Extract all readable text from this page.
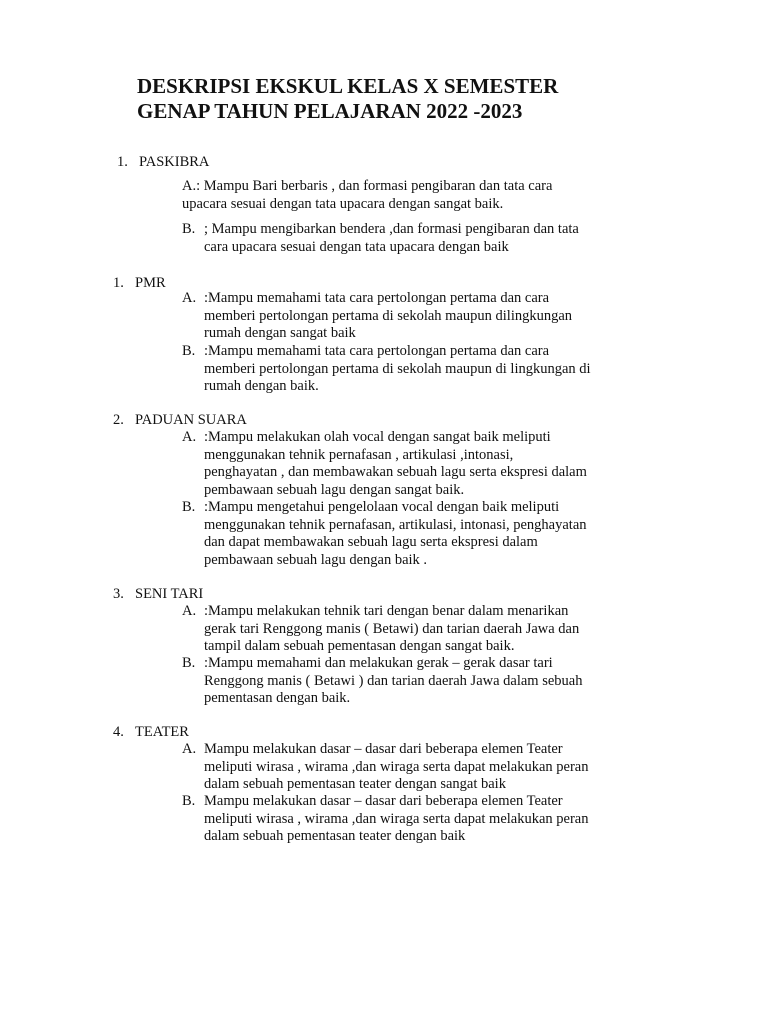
DESKRIPSI EKSKUL KELAS X SEMESTER
GENAP TAHUN PELAJARAN 2022 -2023
1. PASKIBRA
A.: Mampu Bari berbaris , dan formasi pengibaran dan tata cara
upacara sesuai dengan tata upacara dengan sangat baik.
B. ; Mampu mengibarkan bendera ,dan formasi pengibaran dan tata
cara upacara sesuai dengan tata upacara dengan baik
1. PMR
A. :Mampu memahami tata cara pertolongan pertama dan cara
memberi pertolongan pertama di sekolah maupun dilingkungan
rumah dengan sangat baik
B. :Mampu memahami tata cara pertolongan pertama dan cara
memberi pertolongan pertama di sekolah maupun di lingkungan di
rumah dengan baik.
2. PADUAN SUARA
A. :Mampu melakukan olah vocal dengan sangat baik meliputi
menggunakan tehnik pernafasan , artikulasi ,intonasi,
penghayatan , dan membawakan sebuah lagu serta ekspresi dalam
pembawaan sebuah lagu dengan sangat baik.
B. :Mampu mengetahui pengelolaan vocal dengan baik meliputi
menggunakan tehnik pernafasan, artikulasi, intonasi, penghayatan
dan dapat membawakan sebuah lagu serta ekspresi dalam
pembawaan sebuah lagu dengan baik .
3. SENI TARI
A. :Mampu melakukan tehnik tari dengan benar dalam menarikan
gerak tari Renggong manis ( Betawi) dan tarian daerah Jawa dan
tampil dalam sebuah pementasan dengan sangat baik.
B. :Mampu memahami dan melakukan gerak – gerak dasar tari
Renggong manis ( Betawi ) dan tarian daerah Jawa dalam sebuah
pementasan dengan baik.
4. TEATER
A. Mampu melakukan dasar – dasar dari beberapa elemen Teater
meliputi wirasa , wirama ,dan wiraga serta dapat melakukan peran
dalam sebuah pementasan teater dengan sangat baik
B. Mampu melakukan dasar – dasar dari beberapa elemen Teater
meliputi wirasa , wirama ,dan wiraga serta dapat melakukan peran
dalam sebuah pementasan teater dengan baik
